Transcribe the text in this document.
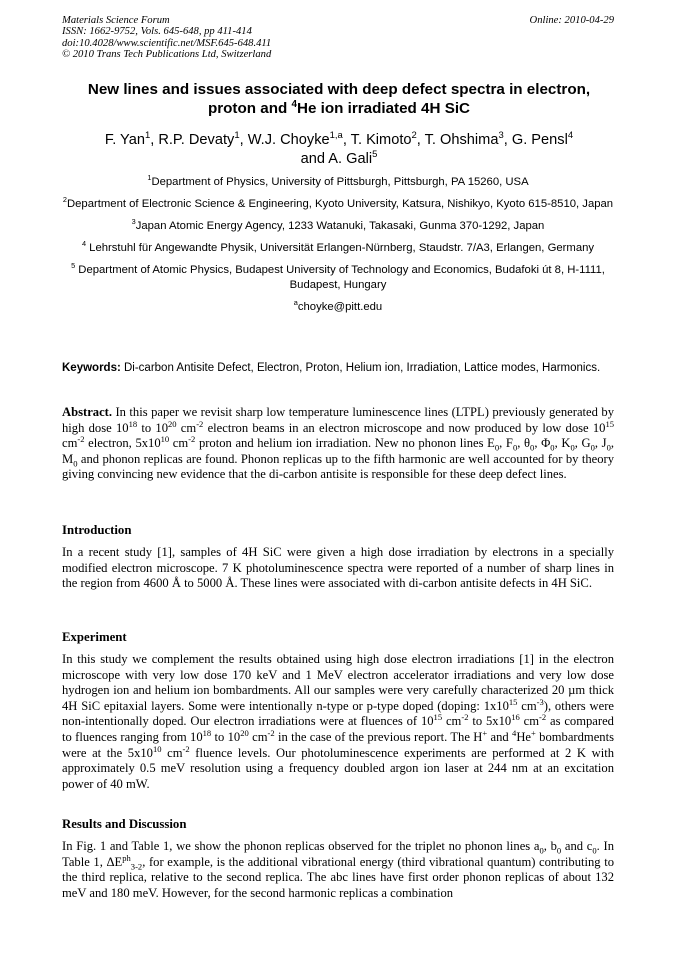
Materials Science Forum
ISSN: 1662-9752, Vols. 645-648, pp 411-414
doi:10.4028/www.scientific.net/MSF.645-648.411
© 2010 Trans Tech Publications Ltd, Switzerland
Online: 2010-04-29
New lines and issues associated with deep defect spectra in electron,
proton and $^4$He ion irradiated 4H SiC
F. Yan$^1$, R.P. Devaty$^1$, W.J. Choyke$^{1,a}$, T. Kimoto$^2$, T. Ohshima$^3$, G. Pensl$^4$
and A. Gali$^5$
$^1$Department of Physics, University of Pittsburgh, Pittsburgh, PA 15260, USA
$^2$Department of Electronic Science & Engineering, Kyoto University, Katsura, Nishikyo, Kyoto 615-8510, Japan
$^3$Japan Atomic Energy Agency, 1233 Watanuki, Takasaki, Gunma 370-1292, Japan
$^4$ Lehrstuhl für Angewandte Physik, Universität Erlangen-Nürnberg, Staudstr. 7/A3, Erlangen, Germany
$^5$ Department of Atomic Physics, Budapest University of Technology and Economics, Budafoki út 8, H-1111, Budapest, Hungary
$^a$choyke@pitt.edu
Keywords: Di-carbon Antisite Defect, Electron, Proton, Helium ion, Irradiation, Lattice modes, Harmonics.
Abstract. In this paper we revisit sharp low temperature luminescence lines (LTPL) previously generated by high dose $10^{18}$ to $10^{20}$ $cm^{-2}$ electron beams in an electron microscope and now produced by low dose $10^{15}$ $cm^{-2}$ electron, $5x10^{10}$ $cm^{-2}$ proton and helium ion irradiation. New no phonon lines $E_0$, $F_0$, $\theta_0$, $\Phi_0$, $K_0$, $G_0$, $J_0$, $M_0$ and phonon replicas are found. Phonon replicas up to the fifth harmonic are well accounted for by theory giving convincing new evidence that the di-carbon antisite is responsible for these deep defect lines.
Introduction
In a recent study [1], samples of 4H SiC were given a high dose irradiation by electrons in a specially modified electron microscope. 7 K photoluminescence spectra were reported of a number of sharp lines in the region from 4600 Å to 5000 Å. These lines were associated with di-carbon antisite defects in 4H SiC.
Experiment
In this study we complement the results obtained using high dose electron irradiations [1] in the electron microscope with very low dose 170 keV and 1 MeV electron accelerator irradiations and very low dose hydrogen ion and helium ion bombardments. All our samples were very carefully characterized 20 µm thick 4H SiC epitaxial layers. Some were intentionally n-type or p-type doped (doping: $1x10^{15}$ $cm^{-3}$), others were non-intentionally doped. Our electron irradiations were at fluences of $10^{15}$ $cm^{-2}$ to $5x10^{16}$ $cm^{-2}$ as compared to fluences ranging from $10^{18}$ to $10^{20}$ $cm^{-2}$ in the case of the previous report. The H+ and $^4$He+ bombardments were at the $5x10^{10}$ $cm^{-2}$ fluence levels. Our photoluminescence experiments are performed at 2 K with approximately 0.5 meV resolution using a frequency doubled argon ion laser at 244 nm at an excitation power of 40 mW.
Results and Discussion
In Fig. 1 and Table 1, we show the phonon replicas observed for the triplet no phonon lines $a_0$, $b_0$ and $c_0$. In Table 1, $\Delta E^{ph}_{3-2}$, for example, is the additional vibrational energy (third vibrational quantum) contributing to the third replica, relative to the second replica. The abc lines have first order phonon replicas of about 132 meV and 180 meV. However, for the second harmonic replicas a combination
